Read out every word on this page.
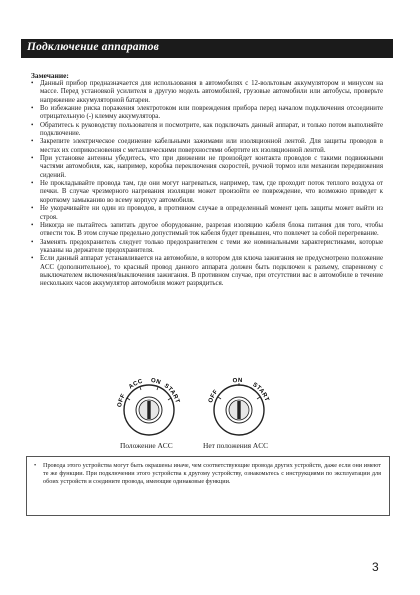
Подключение аппаратов
Замечание:
• Данный прибор предназначается для использования в автомобилях с 12-вольтовым аккумулятором и минусом на массе. Перед установкой усилителя в другую модель автомобилей, грузовые автомобили или автобусы, проверьте напряжение аккумуляторной батареи.
• Во избежание риска поражения электротоком или повреждения прибора перед началом подключения отсоедините отрицательную (-) клемму аккумулятора.
• Обратитесь к руководству пользователя и посмотрите, как подключать данный аппарат, и только потом выполняйте подключение.
• Закрепите электрическое соединение кабельными зажимами или изоляционной лентой. Для защиты проводов в местах их соприкосновения с металлическими поверхностями обертите их изоляционной лентой.
• При установке антенны убедитесь, что при движении не произойдет контакта проводов с такими подвижными частями автомобиля, как, например, коробка переключения скоростей, ручной тормоз или механизм передвижения сидений.
• Не прокладывайте провода там, где они могут нагреваться, например, там, где проходит поток теплого воздуха от печки. В случае чрезмерного нагревания изоляции может произойти ее повреждение, что возможно приведет к короткому замыканию во всему корпусу автомобиля.
• Не укорачивайте ни один из проводов, в противном случае в определенный момент цепь защиты может выйти из строя.
• Никогда не пытайтесь запитать другое оборудование, разрезая изоляцию кабеля блока питания для того, чтобы отвести ток. В этом случае предельно допустимый ток кабеля будет превышен, что повлечет за собой перегревание.
• Заменять предохранитель следует только предохранителем с теми же номинальными характеристиками, которые указаны на держателе предохранителя.
• Если данный аппарат устанавливается на автомобиле, в котором для ключа зажигания не предусмотрено положение ACC (дополнительное), то красный провод данного аппарата должен быть подключен к разъему, спаренному с выключателем включения/выключения зажигания. В противном случае, при отсутствии вас в автомобиле в течение нескольких часов аккумулятор автомобиля может разрядиться.
OFF
ACC ON
START
Положение ACC
OFF
ON
START
Нет положения ACC
• Провода этого устройства могут быть окрашены иначе, чем соответствующие провода других устройств, даже если они имеют те же функции. При подключении этого устройства к другому устройству, ознакомьтесь с инструкциями по эксплуатации для обоих устройств и соедините провода, имеющие одинаковые функции.
3
